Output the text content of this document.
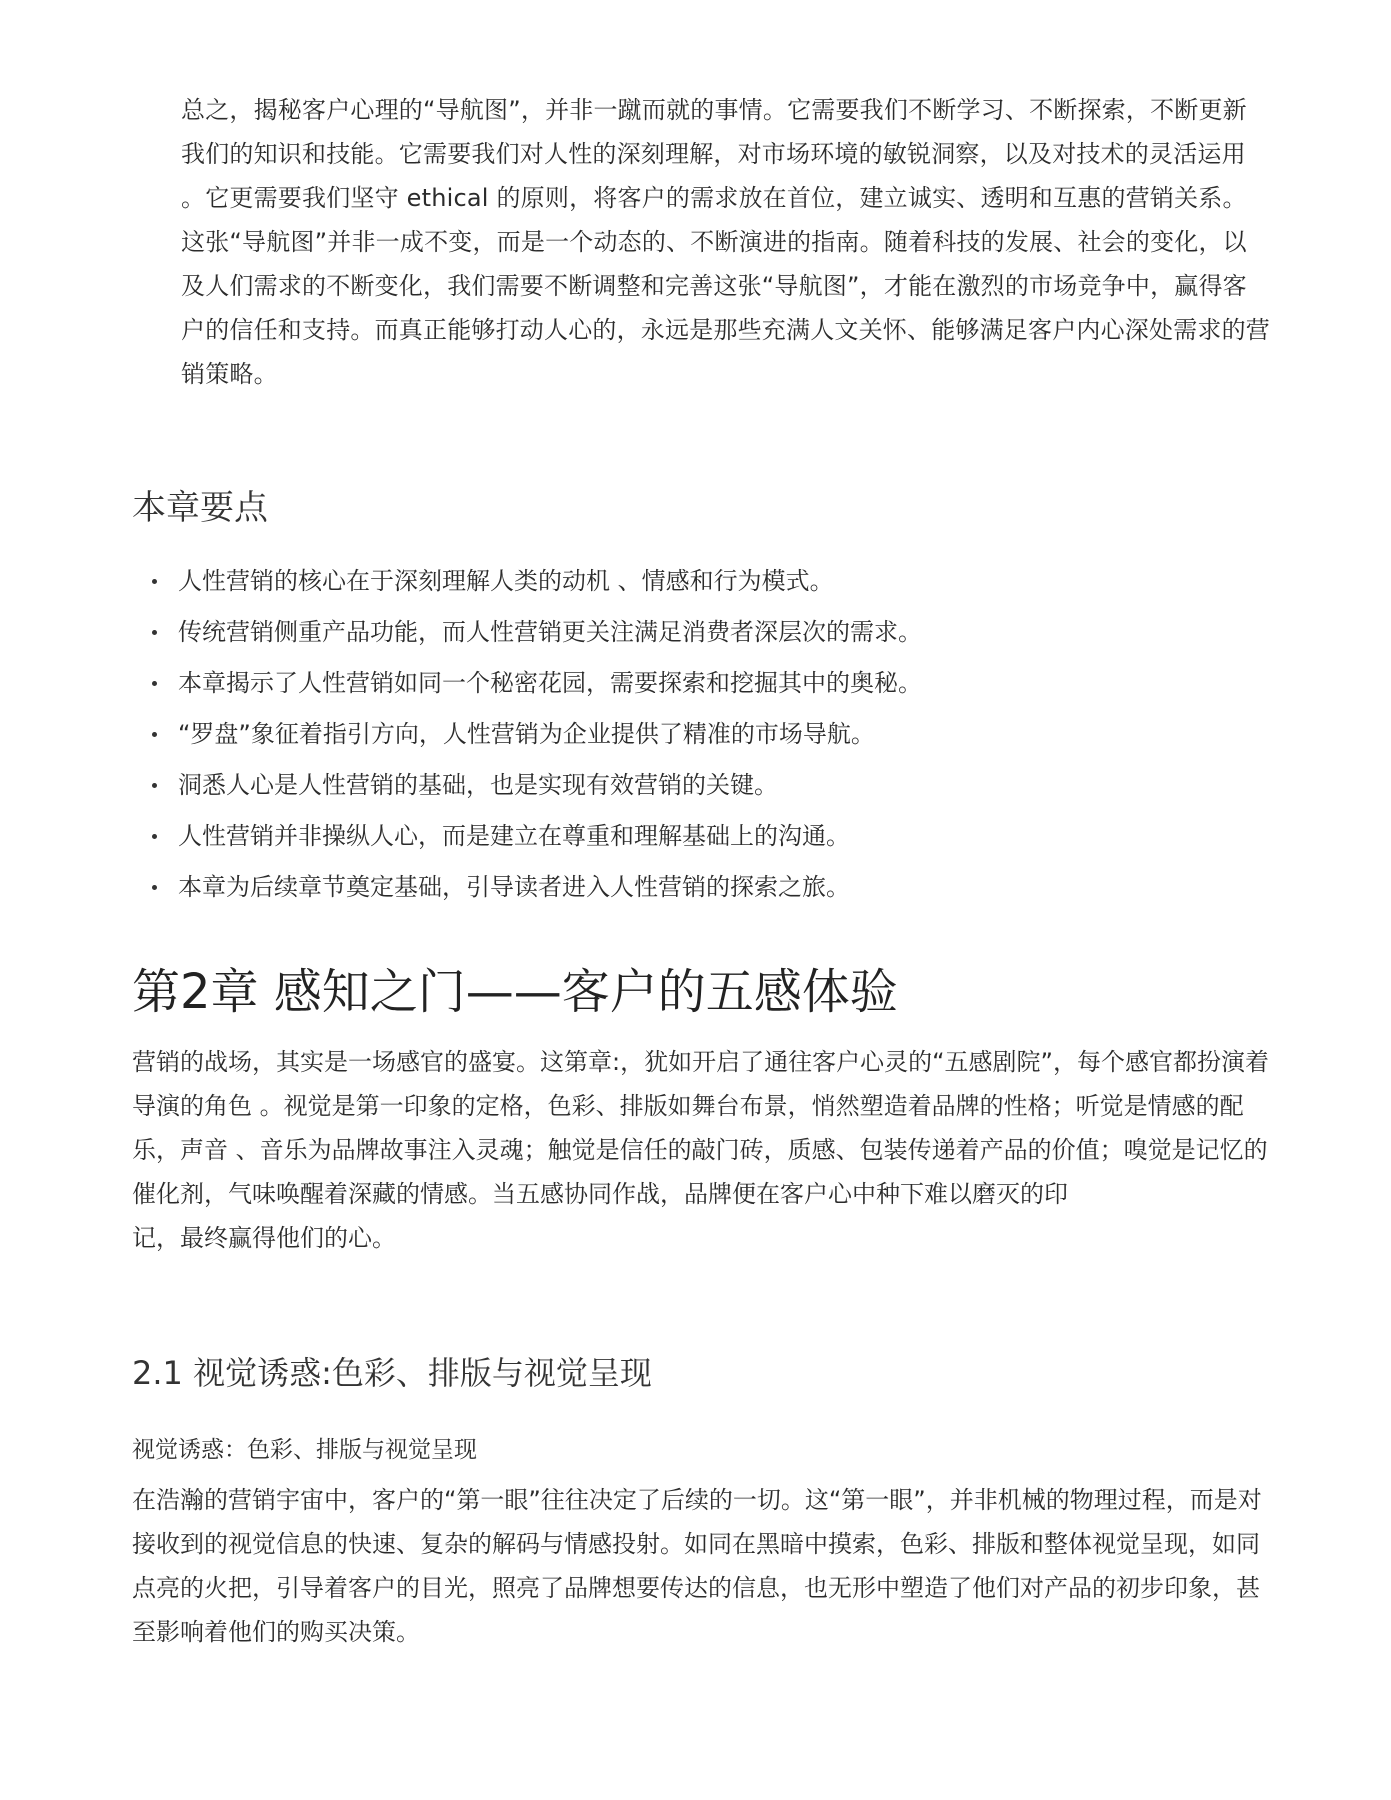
总之，揭秘客户心理的“导航图”，并非一蹴而就的事情。它需要我们不断学习、不断探索，不断更新我们的知识和技能。它需要我们对人性的深刻理解，对市场环境的敏锐洞察，以及对技术的灵活运用 。它更需要我们坚守 ethical 的原则，将客户的需求放在首位，建立诚实、透明和互惠的营销关系。

这张“导航图”并非一成不变，而是一个动态的、不断演进的指南。随着科技的发展、社会的变化，以及人们需求的不断变化，我们需要不断调整和完善这张“导航图”，才能在激烈的市场竞争中，赢得客户的信任和支持。而真正能够打动人心的，永远是那些充满人文关怀、能够满足客户内心深处需求的营销策略。

本章要点
人性营销的核心在于深刻理解人类的动机 、情感和行为模式。
传统营销侧重产品功能，而人性营销更关注满足消费者深层次的需求。
本章揭示了人性营销如同一个秘密花园，需要探索和挖掘其中的奥秘。
“罗盘”象征着指引方向，人性营销为企业提供了精准的市场导航。
洞悉人心是人性营销的基础，也是实现有效营销的关键。
人性营销并非操纵人心，而是建立在尊重和理解基础上的沟通。
本章为后续章节奠定基础，引导读者进入人性营销的探索之旅。
第2章 感知之门——客户的五感体验

营销的战场，其实是一场感官的盛宴。这第章:，犹如开启了通往客户心灵的“五感剧院”，每个感官都扮演着导演的角色 。视觉是第一印象的定格，色彩、排版如舞台布景，悄然塑造着品牌的性格；听觉是情感的配乐，声音 、音乐为品牌故事注入灵魂；触觉是信任的敲门砖，质感、包装传递着产品的价值；嗅觉是记忆的催化剂，气味唤醒着深藏的情感。当五感协同作战，品牌便在客户心中种下难以磨灭的印

记，最终赢得他们的心。

2.1 视觉诱惑:色彩、排版与视觉呈现

视觉诱惑：色彩、排版与视觉呈现

在浩瀚的营销宇宙中，客户的“第一眼”往往决定了后续的一切。这“第一眼”，并非机械的物理过程，而是对接收到的视觉信息的快速、复杂的解码与情感投射。如同在黑暗中摸索，色彩、排版和整体视觉呈现，如同点亮的火把，引导着客户的目光，照亮了品牌想要传达的信息，也无形中塑造了他们对产品的初步印象，甚至影响着他们的购买决策。
